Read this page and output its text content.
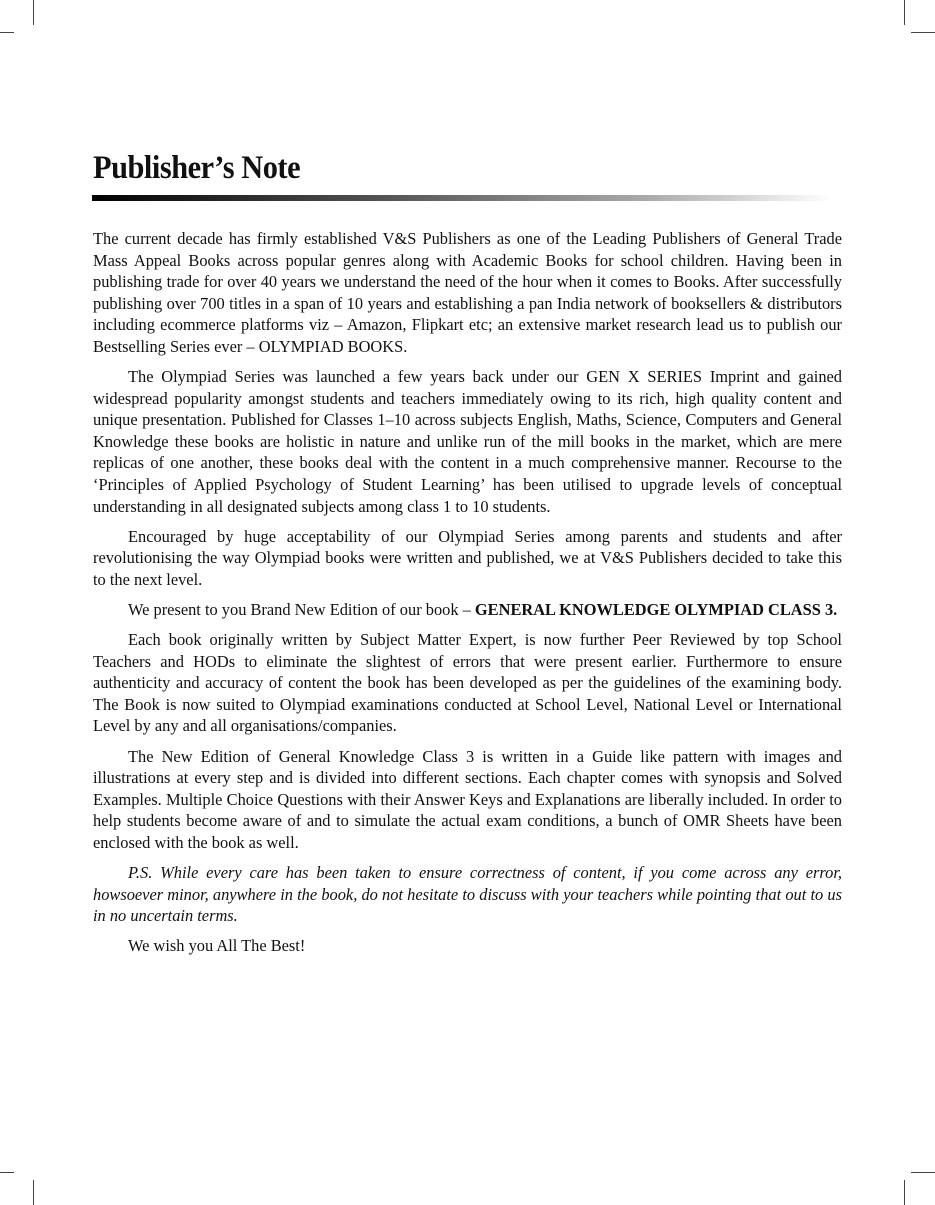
Publisher’s Note

The current decade has firmly established V&S Publishers as one of the Leading Publishers of General Trade Mass Appeal Books across popular genres along with Academic Books for school children. Having been in publishing trade for over 40 years we understand the need of the hour when it comes to Books. After successfully publishing over 700 titles in a span of 10 years and establishing a pan India network of booksellers & distributors including ecommerce platforms viz – Amazon, Flipkart etc; an extensive market research lead us to publish our Bestselling Series ever – OLYMPIAD BOOKS.

The Olympiad Series was launched a few years back under our GEN X SERIES Imprint and gained widespread popularity amongst students and teachers immediately owing to its rich, high quality content and unique presentation. Published for Classes 1–10 across subjects English, Maths, Science, Computers and General Knowledge these books are holistic in nature and unlike run of the mill books in the market, which are mere replicas of one another, these books deal with the content in a much comprehensive manner. Recourse to the ‘Principles of Applied Psychology of Student Learning’ has been utilised to upgrade levels of conceptual understanding in all designated subjects among class 1 to 10 students.

Encouraged by huge acceptability of our Olympiad Series among parents and students and after revolutionising the way Olympiad books were written and published, we at V&S Publishers decided to take this to the next level.

We present to you Brand New Edition of our book – GENERAL KNOWLEDGE OLYMPIAD CLASS 3.

Each book originally written by Subject Matter Expert, is now further Peer Reviewed by top School Teachers and HODs to eliminate the slightest of errors that were present earlier. Furthermore to ensure authenticity and accuracy of content the book has been developed as per the guidelines of the examining body. The Book is now suited to Olympiad examinations conducted at School Level, National Level or International Level by any and all organisations/companies.

The New Edition of General Knowledge Class 3 is written in a Guide like pattern with images and illustrations at every step and is divided into different sections. Each chapter comes with synopsis and Solved Examples. Multiple Choice Questions with their Answer Keys and Explanations are liberally included. In order to help students become aware of and to simulate the actual exam conditions, a bunch of OMR Sheets have been enclosed with the book as well.

P.S. While every care has been taken to ensure correctness of content, if you come across any error, howsoever minor, anywhere in the book, do not hesitate to discuss with your teachers while pointing that out to us in no uncertain terms.

We wish you All The Best!
